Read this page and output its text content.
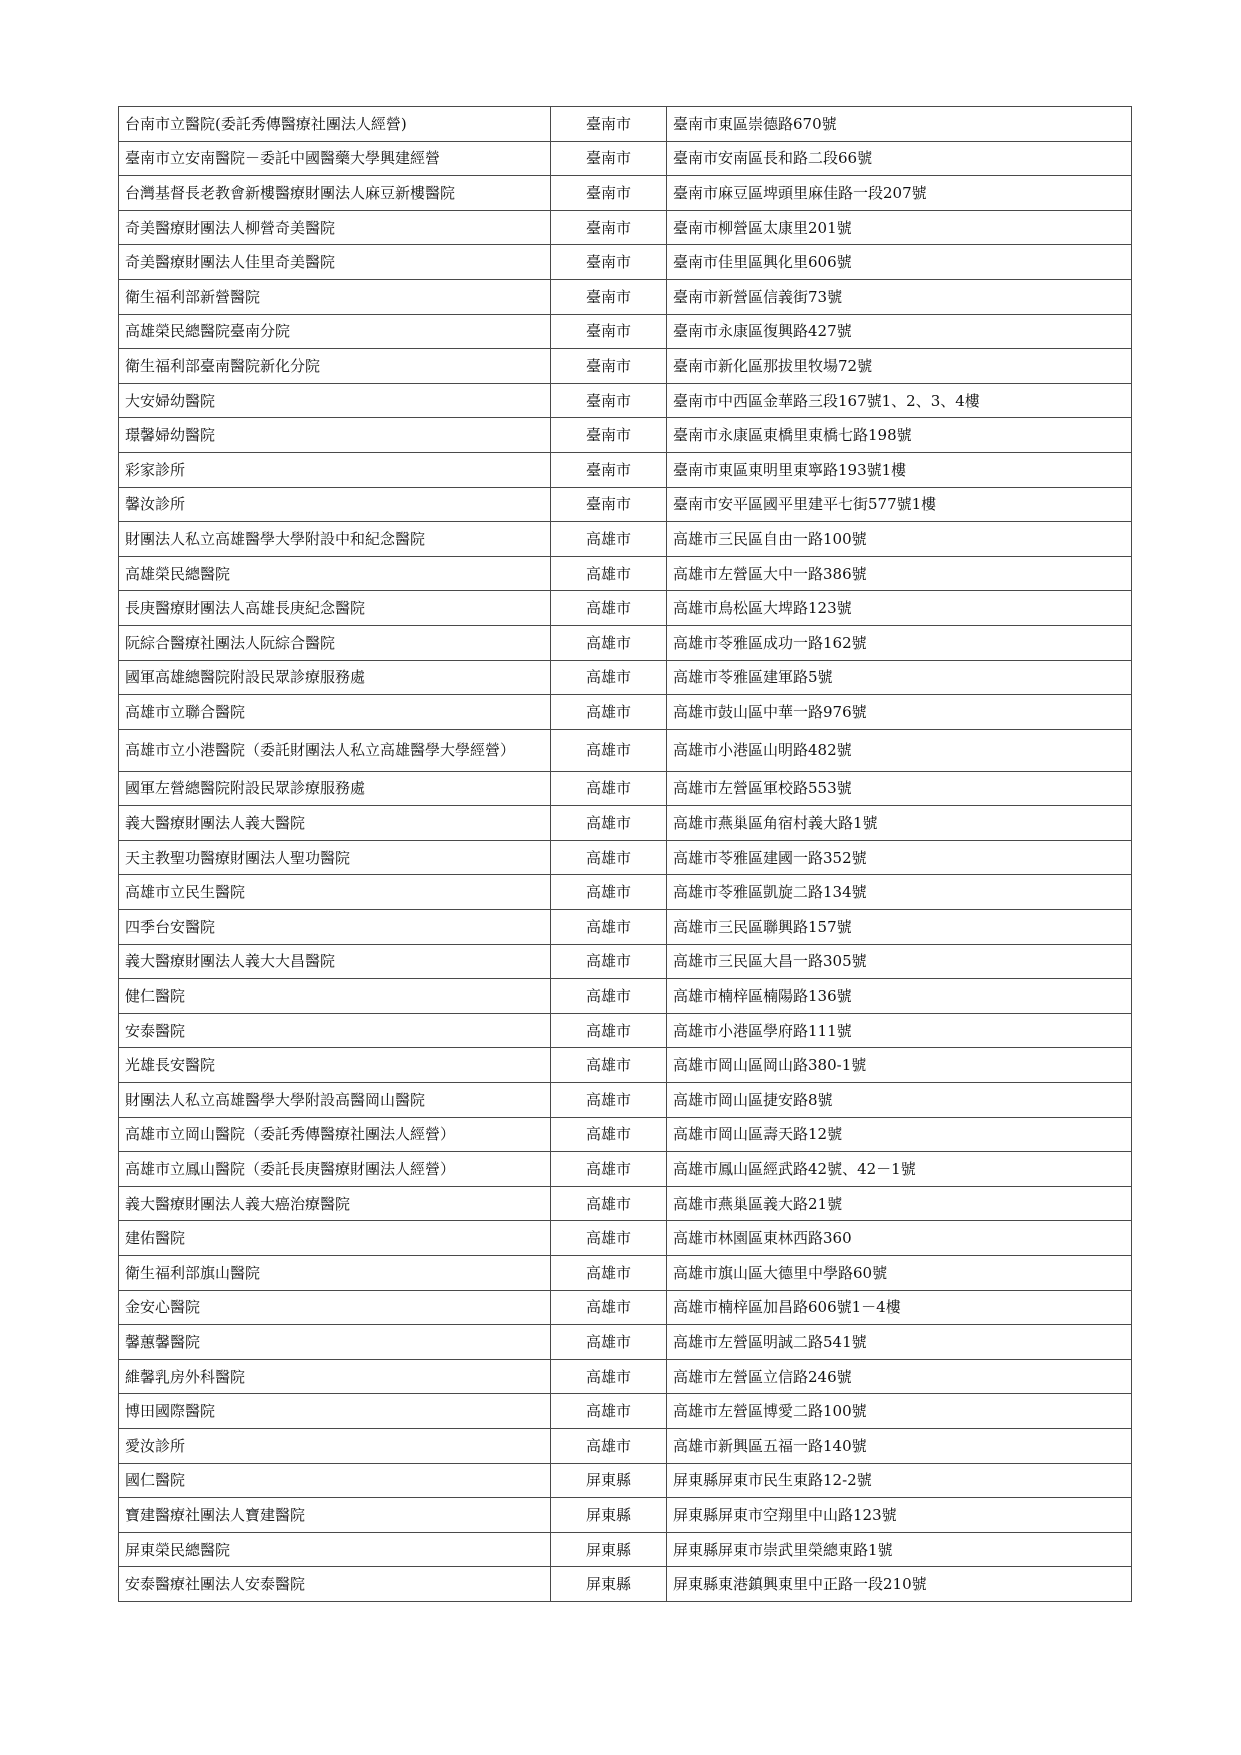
台南市立醫院(委託秀傳醫療社團法人經營)	臺南市	臺南市東區崇德路670號
臺南市立安南醫院－委託中國醫藥大學興建經營	臺南市	臺南市安南區長和路二段66號
台灣基督長老教會新樓醫療財團法人麻豆新樓醫院	臺南市	臺南市麻豆區埤頭里麻佳路一段207號
奇美醫療財團法人柳營奇美醫院	臺南市	臺南市柳營區太康里201號
奇美醫療財團法人佳里奇美醫院	臺南市	臺南市佳里區興化里606號
衛生福利部新營醫院	臺南市	臺南市新營區信義街73號
高雄榮民總醫院臺南分院	臺南市	臺南市永康區復興路427號
衛生福利部臺南醫院新化分院	臺南市	臺南市新化區那拔里牧場72號
大安婦幼醫院	臺南市	臺南市中西區金華路三段167號1、2、3、4樓
璟馨婦幼醫院	臺南市	臺南市永康區東橋里東橋七路198號
彩家診所	臺南市	臺南市東區東明里東寧路193號1樓
馨汝診所	臺南市	臺南市安平區國平里建平七街577號1樓
財團法人私立高雄醫學大學附設中和紀念醫院	高雄市	高雄市三民區自由一路100號
高雄榮民總醫院	高雄市	高雄市左營區大中一路386號
長庚醫療財團法人高雄長庚紀念醫院	高雄市	高雄市鳥松區大埤路123號
阮綜合醫療社團法人阮綜合醫院	高雄市	高雄市苓雅區成功一路162號
國軍高雄總醫院附設民眾診療服務處	高雄市	高雄市苓雅區建軍路5號
高雄市立聯合醫院	高雄市	高雄市鼓山區中華一路976號
高雄市立小港醫院（委託財團法人私立高雄醫學大學經營）	高雄市	高雄市小港區山明路482號
國軍左營總醫院附設民眾診療服務處	高雄市	高雄市左營區軍校路553號
義大醫療財團法人義大醫院	高雄市	高雄市燕巢區角宿村義大路1號
天主教聖功醫療財團法人聖功醫院	高雄市	高雄市苓雅區建國一路352號
高雄市立民生醫院	高雄市	高雄市苓雅區凱旋二路134號
四季台安醫院	高雄市	高雄市三民區聯興路157號
義大醫療財團法人義大大昌醫院	高雄市	高雄市三民區大昌一路305號
健仁醫院	高雄市	高雄市楠梓區楠陽路136號
安泰醫院	高雄市	高雄市小港區學府路111號
光雄長安醫院	高雄市	高雄市岡山區岡山路380-1號
財團法人私立高雄醫學大學附設高醫岡山醫院	高雄市	高雄市岡山區捷安路8號
高雄市立岡山醫院（委託秀傳醫療社團法人經營）	高雄市	高雄市岡山區壽天路12號
高雄市立鳳山醫院（委託長庚醫療財團法人經營）	高雄市	高雄市鳳山區經武路42號、42－1號
義大醫療財團法人義大癌治療醫院	高雄市	高雄市燕巢區義大路21號
建佑醫院	高雄市	高雄市林園區東林西路360
衛生福利部旗山醫院	高雄市	高雄市旗山區大德里中學路60號
金安心醫院	高雄市	高雄市楠梓區加昌路606號1－4樓
馨蕙馨醫院	高雄市	高雄市左營區明誠二路541號
維馨乳房外科醫院	高雄市	高雄市左營區立信路246號
博田國際醫院	高雄市	高雄市左營區博愛二路100號
愛汝診所	高雄市	高雄市新興區五福一路140號
國仁醫院	屏東縣	屏東縣屏東市民生東路12-2號
寶建醫療社團法人寶建醫院	屏東縣	屏東縣屏東市空翔里中山路123號
屏東榮民總醫院	屏東縣	屏東縣屏東市崇武里榮總東路1號
安泰醫療社團法人安泰醫院	屏東縣	屏東縣東港鎮興東里中正路一段210號
